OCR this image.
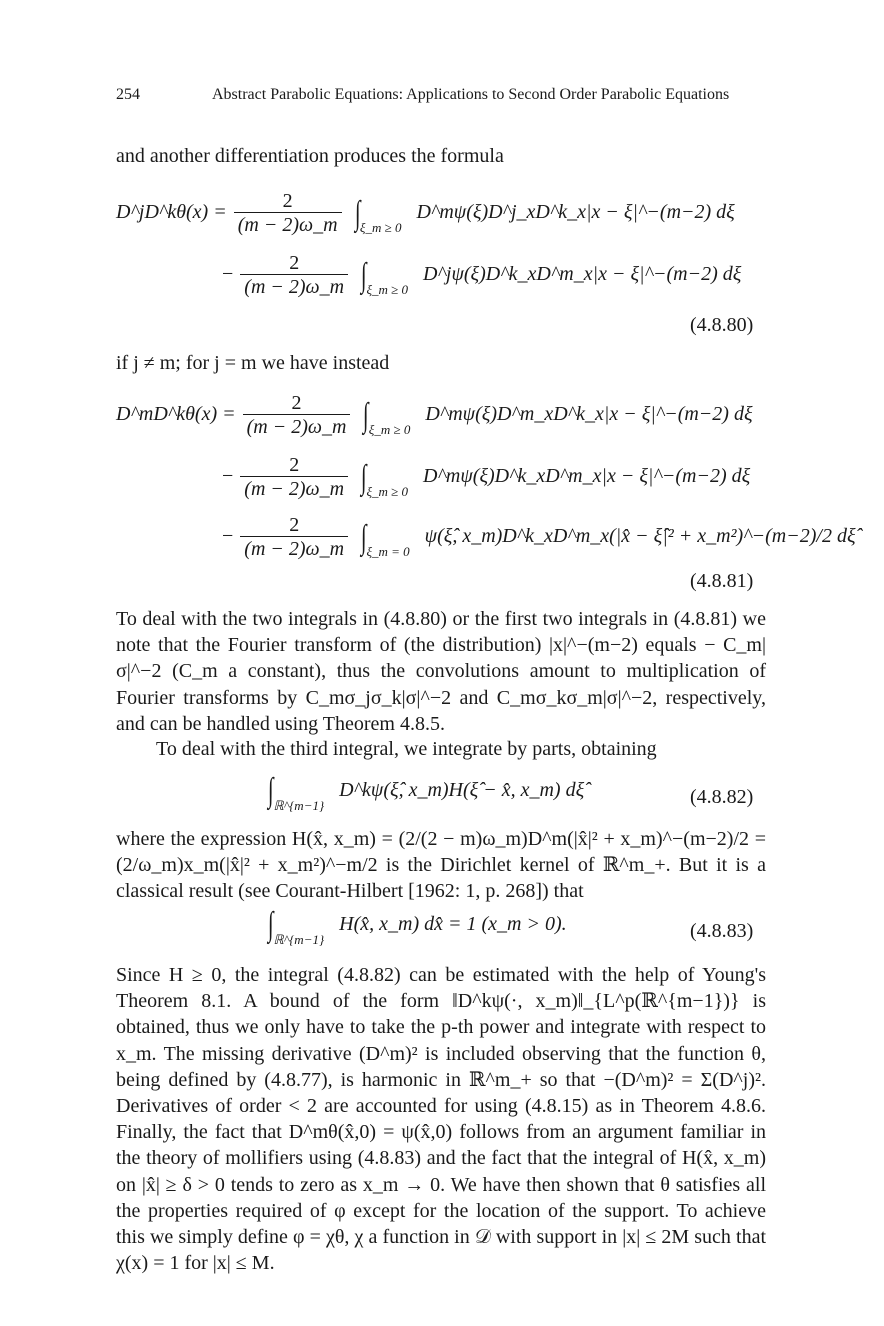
254	Abstract Parabolic Equations: Applications to Second Order Parabolic Equations
and another differentiation produces the formula
D^jD^kθ(x) = $\frac{2}{(m - 2)\omega\_m} \int_{\xi\_m \ge 0}$ D^mψ(ξ)D^j_xD^k_x|x − ξ|^−(m−2) dξ
− $\frac{2}{(m - 2)\omega\_m} \int_{\xi\_m \ge 0}$ D^jψ(ξ)D^k_xD^m_x|x − ξ|^−(m−2) dξ
(4.8.80)
if j ≠ m; for j = m we have instead
D^mD^kθ(x) = $\frac{2}{(m - 2)\omega\_m} \int_{\xi\_m \ge 0}$ D^mψ(ξ)D^m_xD^k_x|x − ξ|^−(m−2) dξ
− $\frac{2}{(m - 2)\omega\_m} \int_{\xi\_m \ge 0}$ D^mψ(ξ)D^k_xD^m_x|x − ξ|^−(m−2) dξ
− $\frac{2}{(m - 2)\omega\_m} \int_{\xi\_m = 0}$ ψ(ξ̂, x_m)D^k_xD^m_x(|x̂ − ξ̂|² + x_m²)^−(m−2)/2 dξ̂
(4.8.81)
To deal with the two integrals in (4.8.80) or the first two integrals in (4.8.81) we note that the Fourier transform of (the distribution) |x|^−(m−2) equals − C_m|σ|^−2 (C_m a constant), thus the convolutions amount to multiplication of Fourier transforms by C_mσ_jσ_k|σ|^−2 and C_mσ_kσ_m|σ|^−2, respectively, and can be handled using Theorem 4.8.5.
To deal with the third integral, we integrate by parts, obtaining
$\int_{ℝ\^{}\{m-1\}}$ D^kψ(ξ̂, x_m)H(ξ̂ − x̂, x_m) dξ̂	(4.8.82)
where the expression H(x̂, x_m) = (2/(2 − m)ω_m)D^m(|x̂|² + x_m)^−(m−2)/2 = (2/ω_m)x_m(|x̂|² + x_m²)^−m/2 is the Dirichlet kernel of ℝ^m_+. But it is a classical result (see Courant-Hilbert [1962: 1, p. 268]) that
$\int_{ℝ\^{}\{m-1\}}$ H(x̂, x_m) dx̂ = 1 (x_m > 0).	(4.8.83)
Since H ≥ 0, the integral (4.8.82) can be estimated with the help of Young's Theorem 8.1. A bound of the form ‖D^kψ(·, x_m)‖_{L^p(ℝ^{m−1})} is obtained, thus we only have to take the p-th power and integrate with respect to x_m. The missing derivative (D^m)² is included observing that the function θ, being defined by (4.8.77), is harmonic in ℝ^m_+ so that −(D^m)² = Σ(D^j)². Derivatives of order < 2 are accounted for using (4.8.15) as in Theorem 4.8.6. Finally, the fact that D^mθ(x̂,0) = ψ(x̂,0) follows from an argument familiar in the theory of mollifiers using (4.8.83) and the fact that the integral of H(x̂, x_m) on |x̂| ≥ δ > 0 tends to zero as x_m → 0. We have then shown that θ satisfies all the properties required of φ except for the location of the support. To achieve this we simply define φ = χθ, χ a function in 𝒟 with support in |x| ≤ 2M such that χ(x) = 1 for |x| ≤ M.
